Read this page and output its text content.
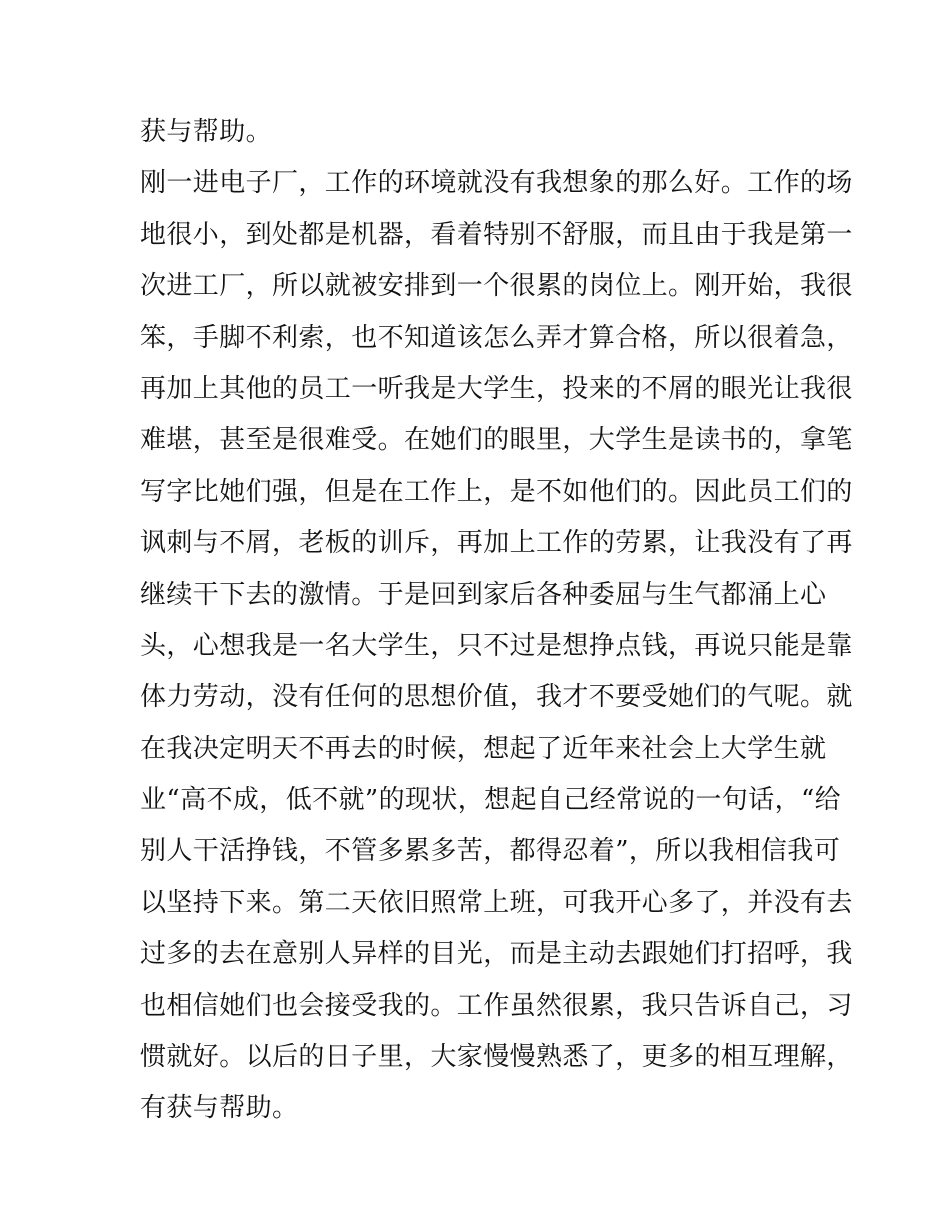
获与帮助。
刚一进电子厂，工作的环境就没有我想象的那么好。工作的场
地很小，到处都是机器，看着特别不舒服，而且由于我是第一
次进工厂，所以就被安排到一个很累的岗位上。刚开始，我很
笨，手脚不利索，也不知道该怎么弄才算合格，所以很着急，
再加上其他的员工一听我是大学生，投来的不屑的眼光让我很
难堪，甚至是很难受。在她们的眼里，大学生是读书的，拿笔
写字比她们强，但是在工作上，是不如他们的。因此员工们的
讽刺与不屑，老板的训斥，再加上工作的劳累，让我没有了再
继续干下去的激情。于是回到家后各种委屈与生气都涌上心
头，心想我是一名大学生，只不过是想挣点钱，再说只能是靠
体力劳动，没有任何的思想价值，我才不要受她们的气呢。就
在我决定明天不再去的时候，想起了近年来社会上大学生就
业“高不成，低不就”的现状，想起自己经常说的一句话，“给
别人干活挣钱，不管多累多苦，都得忍着”，所以我相信我可
以坚持下来。第二天依旧照常上班，可我开心多了，并没有去
过多的去在意别人异样的目光，而是主动去跟她们打招呼，我
也相信她们也会接受我的。工作虽然很累，我只告诉自己，习
惯就好。以后的日子里，大家慢慢熟悉了，更多的相互理解，
有获与帮助。
